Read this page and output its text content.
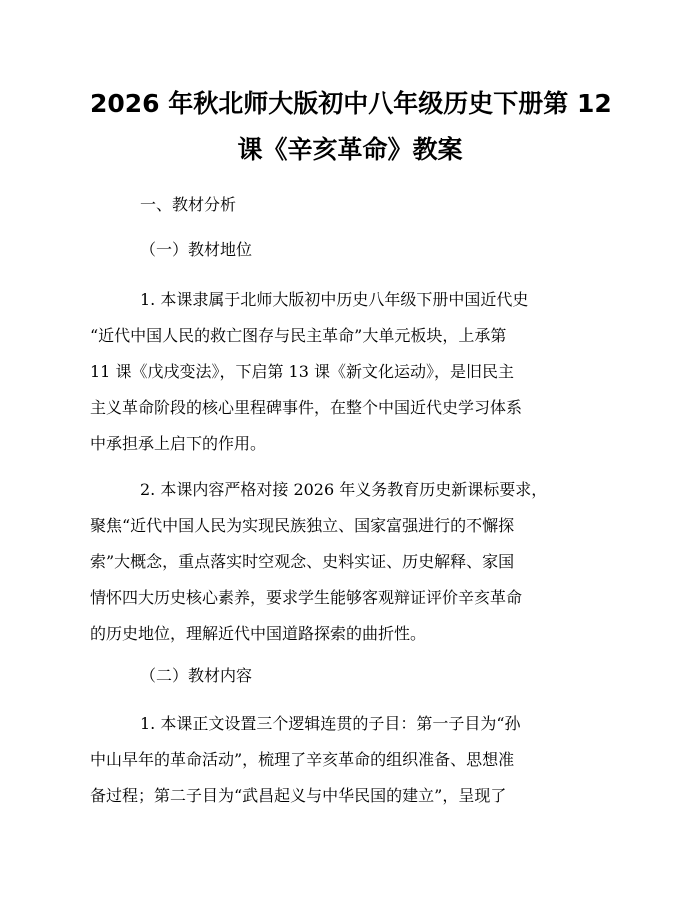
2026 年秋北师大版初中八年级历史下册第 12
课《辛亥革命》教案
一、教材分析
（一）教材地位
1. 本课隶属于北师大版初中历史八年级下册中国近代史
“近代中国人民的救亡图存与民主革命”大单元板块，上承第
11 课《戊戌变法》，下启第 13 课《新文化运动》，是旧民主
主义革命阶段的核心里程碑事件，在整个中国近代史学习体系
中承担承上启下的作用。
2. 本课内容严格对接 2026 年义务教育历史新课标要求，
聚焦“近代中国人民为实现民族独立、国家富强进行的不懈探
索”大概念，重点落实时空观念、史料实证、历史解释、家国
情怀四大历史核心素养，要求学生能够客观辩证评价辛亥革命
的历史地位，理解近代中国道路探索的曲折性。
（二）教材内容
1. 本课正文设置三个逻辑连贯的子目：第一子目为“孙
中山早年的革命活动”，梳理了辛亥革命的组织准备、思想准
备过程；第二子目为“武昌起义与中华民国的建立”，呈现了
